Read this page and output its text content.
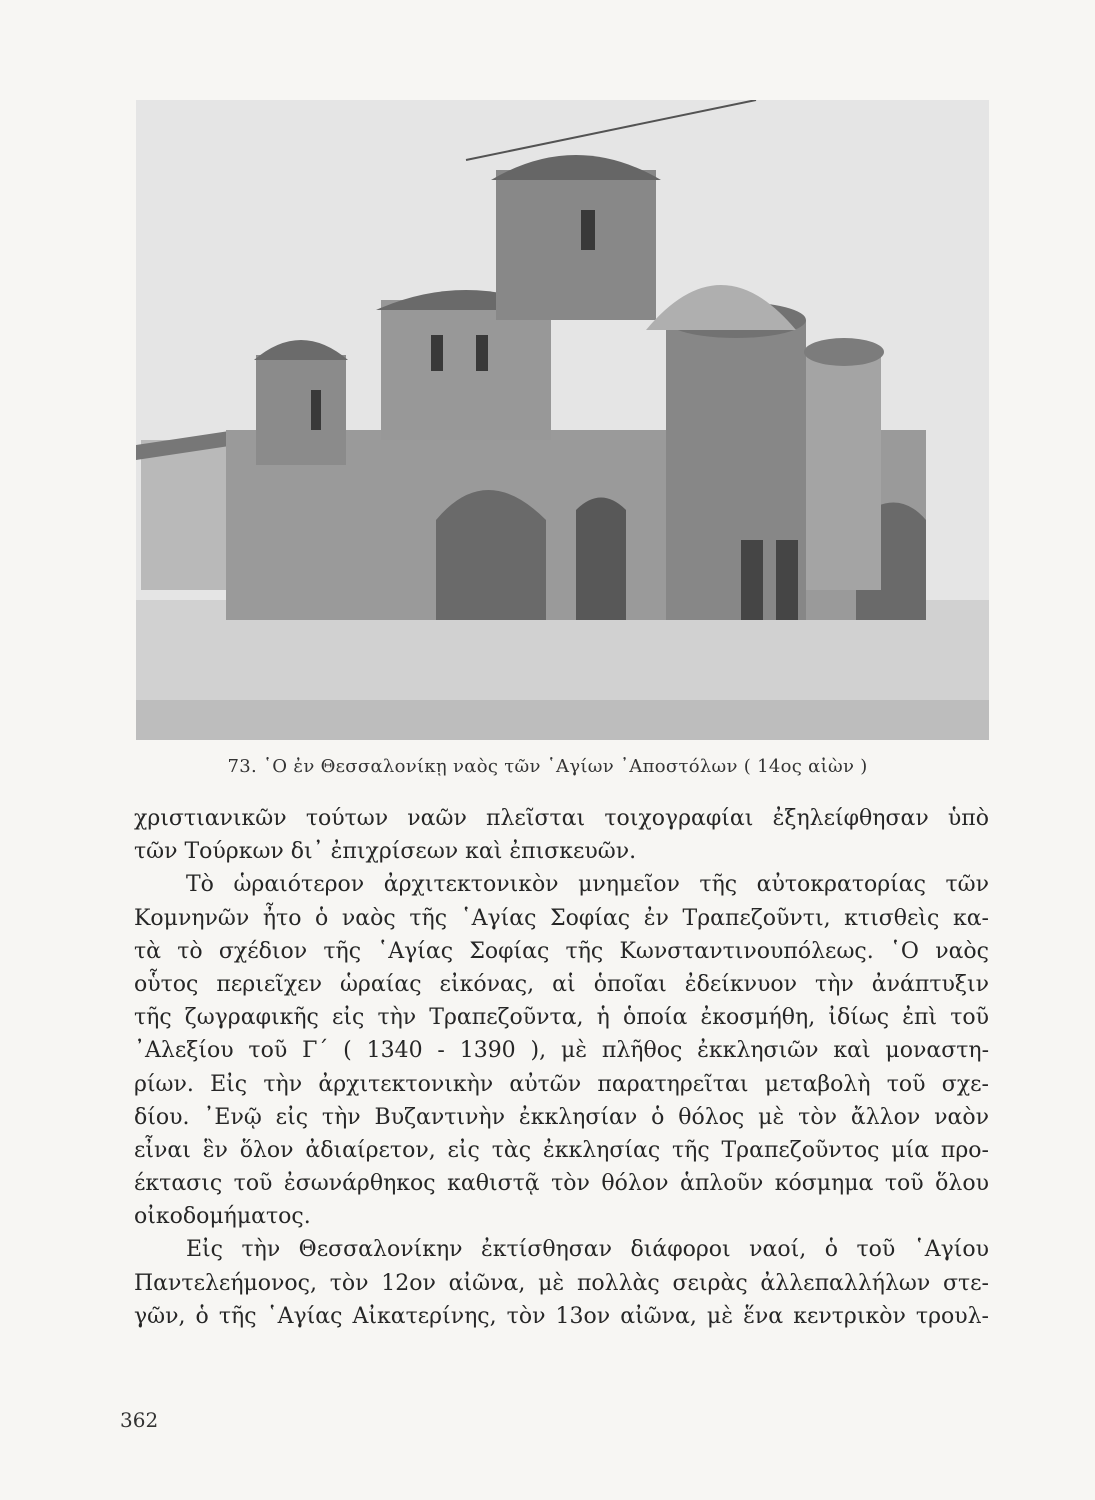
73. ῾Ο ἐν Θεσσαλονίκῃ ναὸς τῶν ῾Αγίων ᾿Αποστόλων ( 14ος αἰὼν )
χριστιανικῶν τούτων ναῶν πλεῖσται τοιχογραφίαι ἐξηλείφθησαν ὑπὸ
τῶν Τούρκων δι᾿ ἐπιχρίσεων καὶ ἐπισκευῶν.
Τὸ ὡραιότερον ἀρχιτεκτονικὸν μνημεῖον τῆς αὐτοκρατορίας τῶν
Κομνηνῶν ἦτο ὁ ναὸς τῆς ῾Αγίας Σοφίας ἐν Τραπεζοῦντι, κτισθεὶς κα-
τὰ τὸ σχέδιον τῆς ῾Αγίας Σοφίας τῆς Κωνσταντινουπόλεως. ῾Ο ναὸς
οὗτος περιεῖχεν ὡραίας εἰκόνας, αἱ ὁποῖαι ἐδείκνυον τὴν ἀνάπτυξιν
τῆς ζωγραφικῆς εἰς τὴν Τραπεζοῦντα, ἡ ὁποία ἐκοσμήθη, ἰδίως ἐπὶ τοῦ
᾿Αλεξίου τοῦ Γ΄ ( 1340 - 1390 ), μὲ πλῆθος ἐκκλησιῶν καὶ μοναστη-
ρίων. Εἰς τὴν ἀρχιτεκτονικὴν αὐτῶν παρατηρεῖται μεταβολὴ τοῦ σχε-
δίου. ᾿Ενῷ εἰς τὴν Βυζαντινὴν ἐκκλησίαν ὁ θόλος μὲ τὸν ἄλλον ναὸν
εἶναι ἓν ὅλον ἀδιαίρετον, εἰς τὰς ἐκκλησίας τῆς Τραπεζοῦντος μία προ-
έκτασις τοῦ ἐσωνάρθηκος καθιστᾷ τὸν θόλον ἁπλοῦν κόσμημα τοῦ ὅλου
οἰκοδομήματος.
Εἰς τὴν Θεσσαλονίκην ἐκτίσθησαν διάφοροι ναοί, ὁ τοῦ ῾Αγίου
Παντελεήμονος, τὸν 12ον αἰῶνα, μὲ πολλὰς σειρὰς ἀλλεπαλλήλων στε-
γῶν, ὁ τῆς ῾Αγίας Αἰκατερίνης, τὸν 13ον αἰῶνα, μὲ ἕνα κεντρικὸν τρουλ-
362
